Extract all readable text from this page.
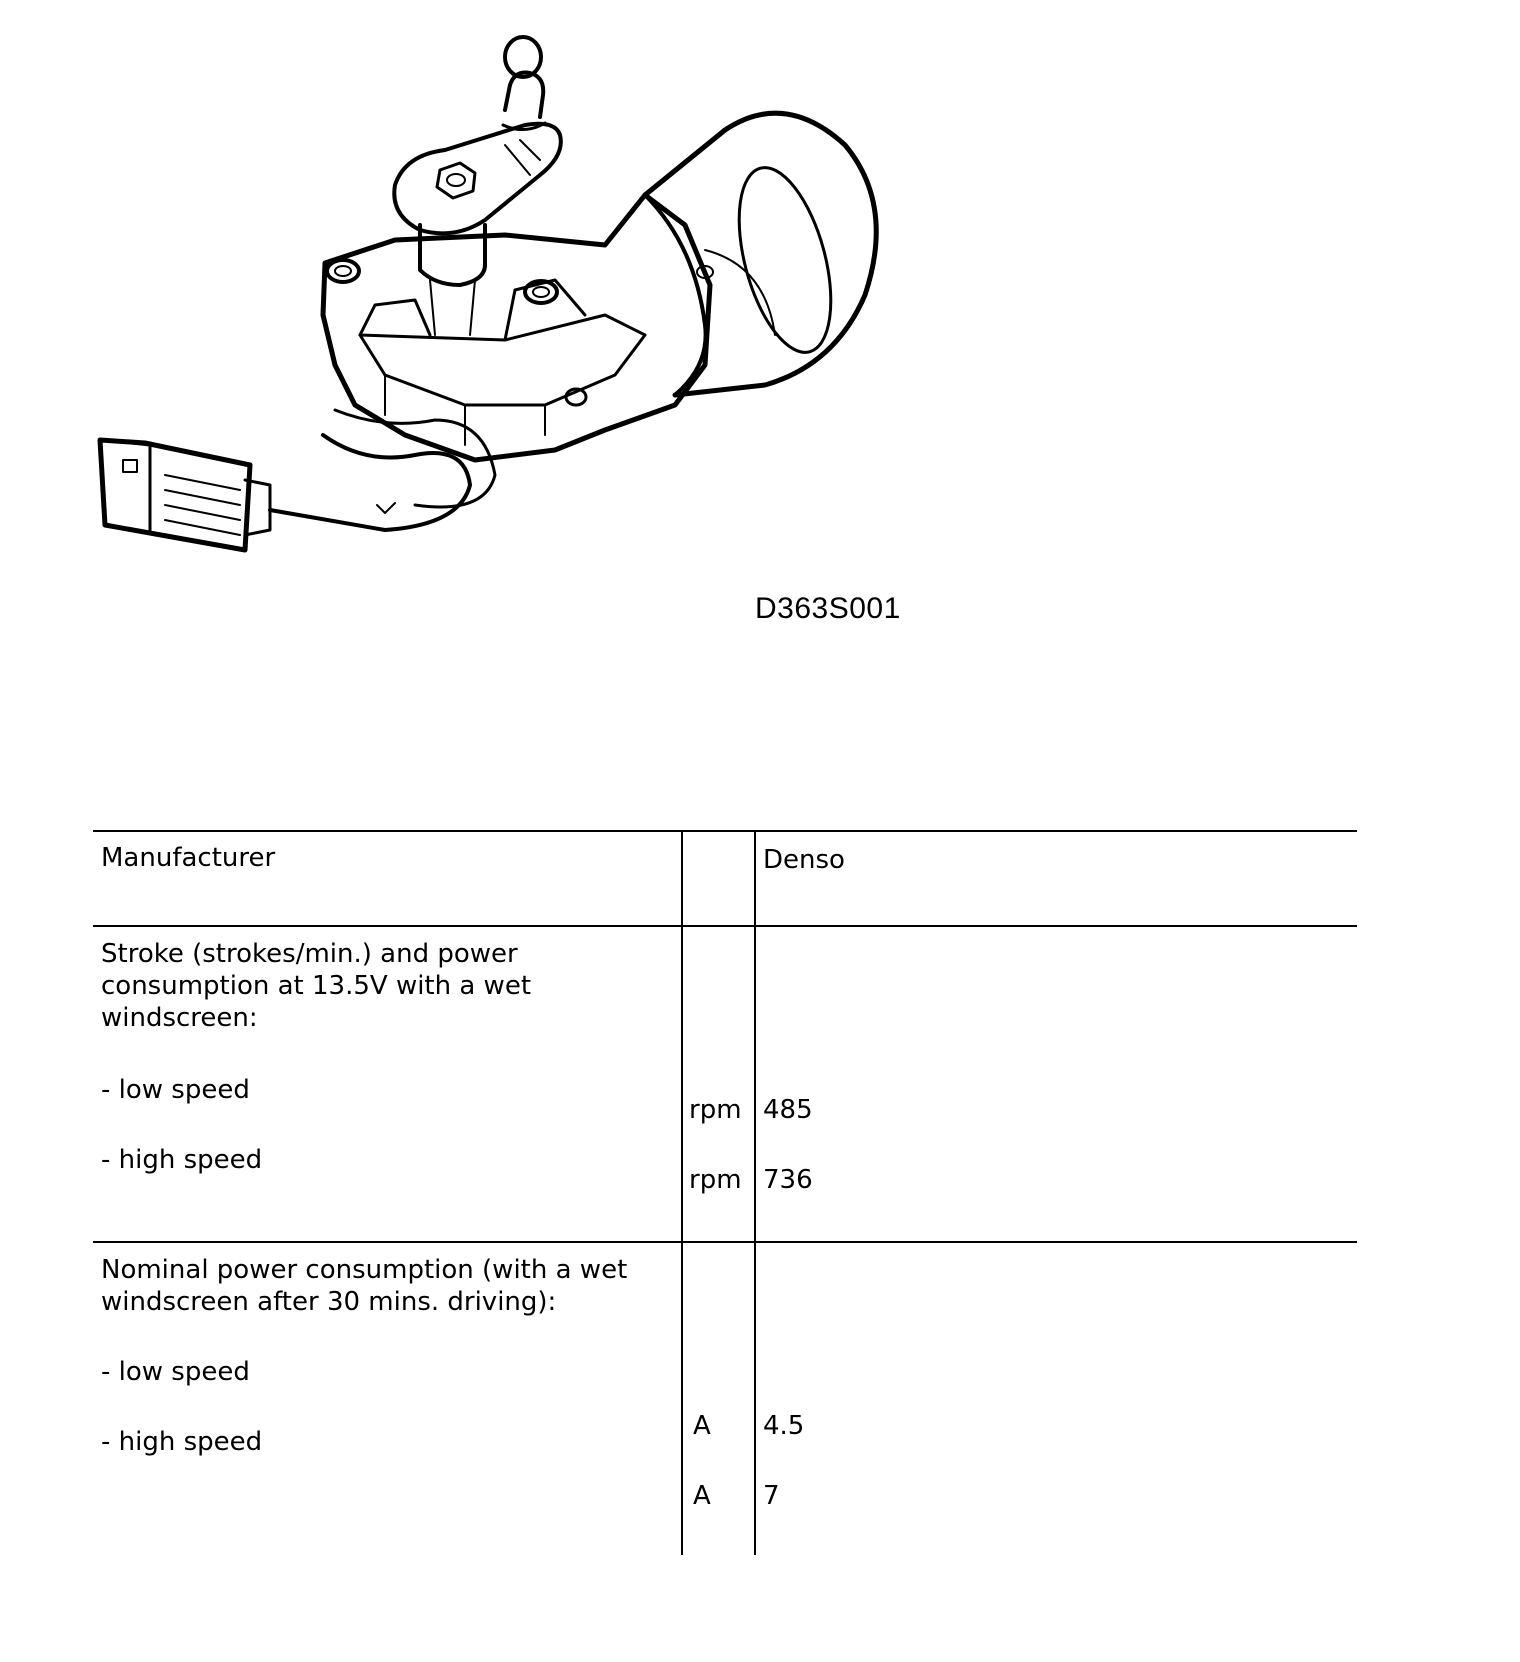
D363S001
Manufacturer	Denso
Stroke (strokes/min.) and power
consumption at 13.5V with a wet
windscreen:
- low speed
rpm 485
- high speed
rpm 736
Nominal power consumption (with a wet
windscreen after 30 mins. driving):
- low speed
- high speed
A 4.5
A 7
